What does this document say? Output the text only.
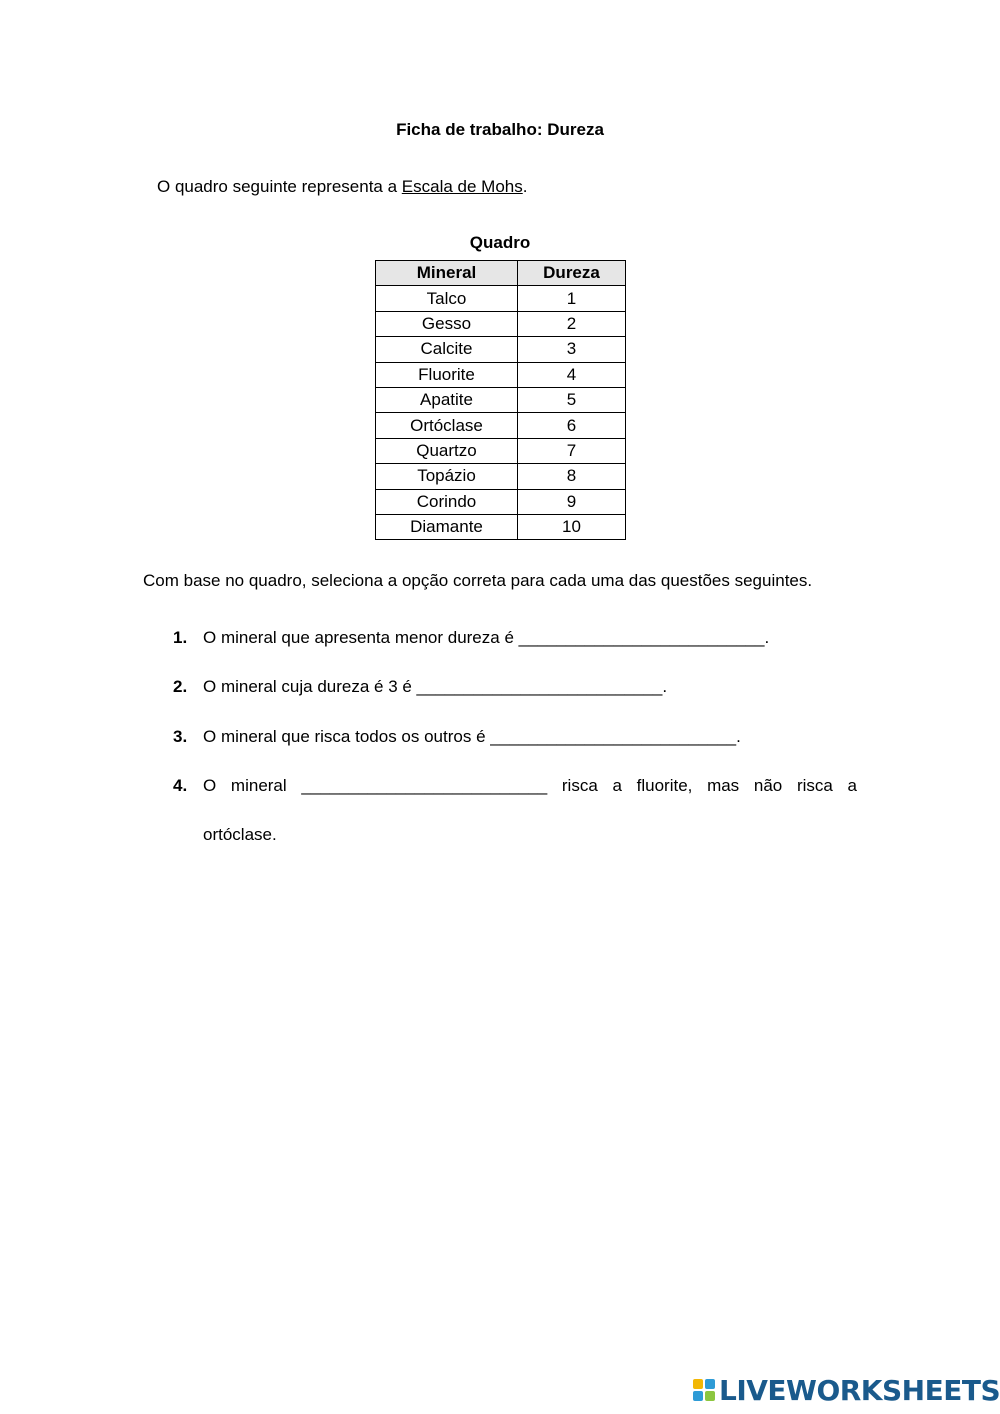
Ficha de trabalho: Dureza
O quadro seguinte representa a Escala de Mohs.
Quadro
Mineral	Dureza
Talco	1
Gesso	2
Calcite	3
Fluorite	4
Apatite	5
Ortóclase	6
Quartzo	7
Topázio	8
Corindo	9
Diamante	10
Com base no quadro, seleciona a opção correta para cada uma das questões seguintes.
1. O mineral que apresenta menor dureza é __________________________.
2. O mineral cuja dureza é 3 é __________________________.
3. O mineral que risca todos os outros é __________________________.
4. O mineral __________________________ risca a fluorite, mas não risca a
ortóclase.
LIVEWORKSHEETS
